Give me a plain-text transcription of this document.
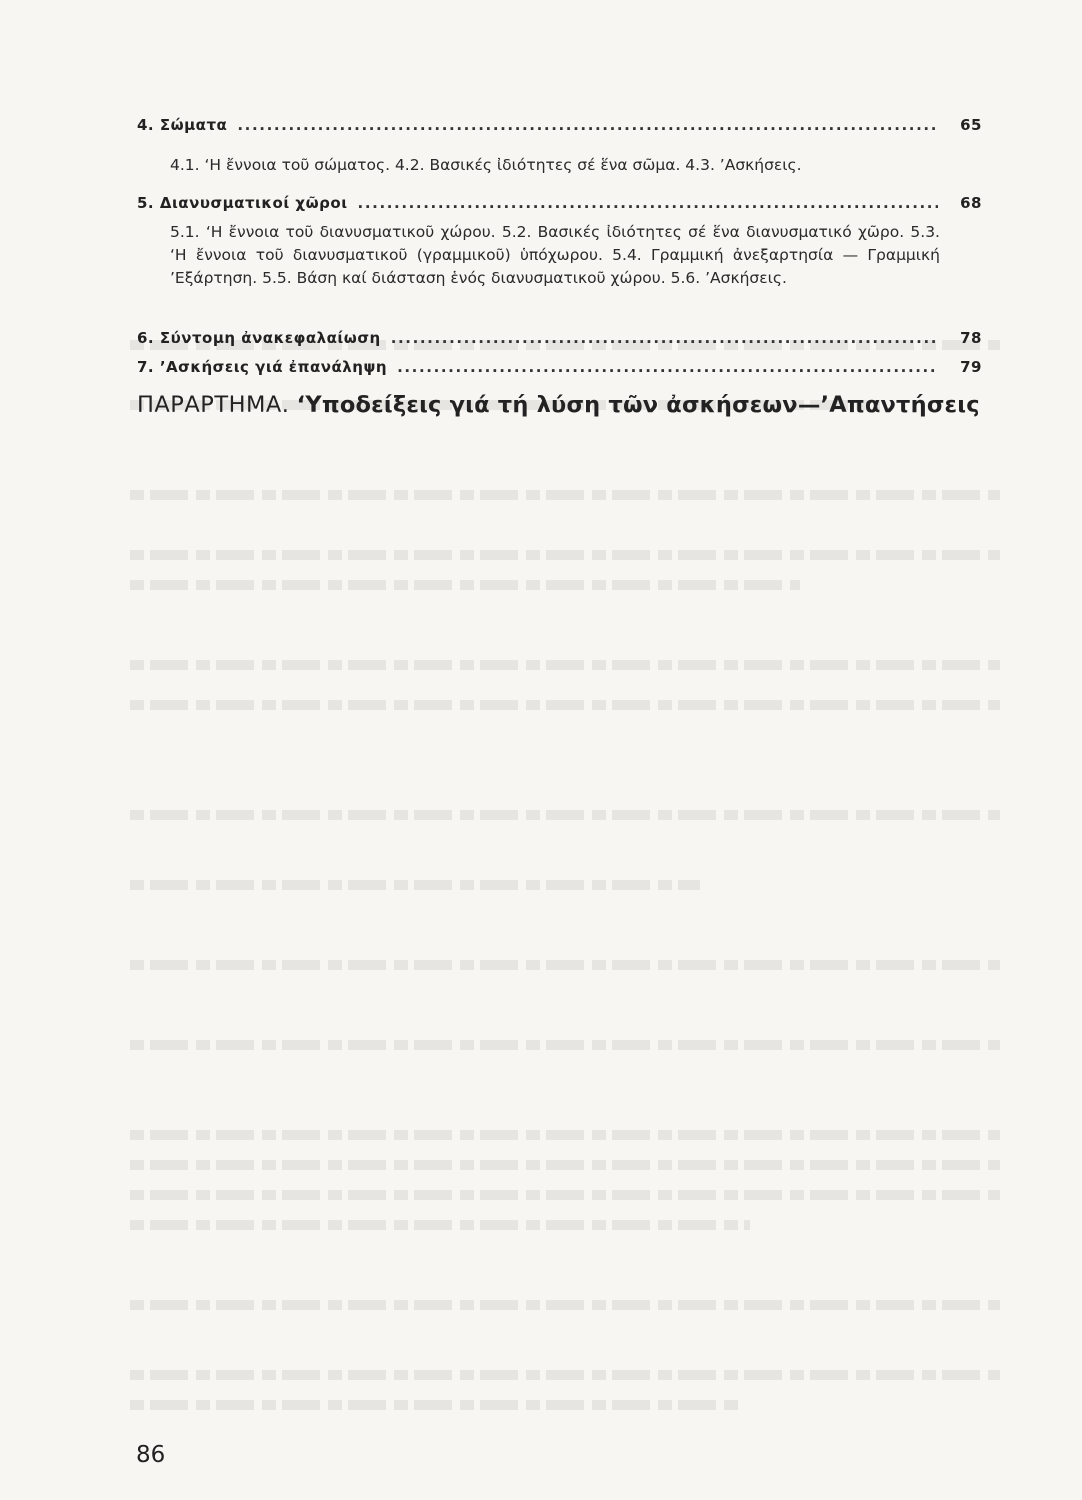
4. Σώματα .....	65
4.1. ‘Η ἔννοια τοῦ σώματος. 4.2. Βασικές ἰδιότητες σέ ἕνα σῶμα. 4.3. ’Ασκήσεις.
5. Διανυσματικοί χῶροι .....	68
5.1. ‘Η ἔννοια τοῦ διανυσματικοῦ χώρου. 5.2. Βασικές ἰδιότητες σέ ἕνα διανυσματικό χῶρο. 5.3. ‘Η ἔννοια τοῦ διανυσματικοῦ (γραμμικοῦ) ὑπόχωρου. 5.4. Γραμμική ἀνεξαρτησία — Γραμμική ’Εξάρτηση. 5.5. Βάση καί διάσταση ἑνός διανυσματικοῦ χώρου. 5.6. ’Ασκήσεις.
6. Σύντομη ἀνακεφαλαίωση .....	78
7. ’Ασκήσεις γιά ἐπανάληψη .....	79
ΠΑΡΑΡΤΗΜΑ. ‘Υποδείξεις γιά τή λύση τῶν ἀσκήσεων—’Απαντήσεις
86
